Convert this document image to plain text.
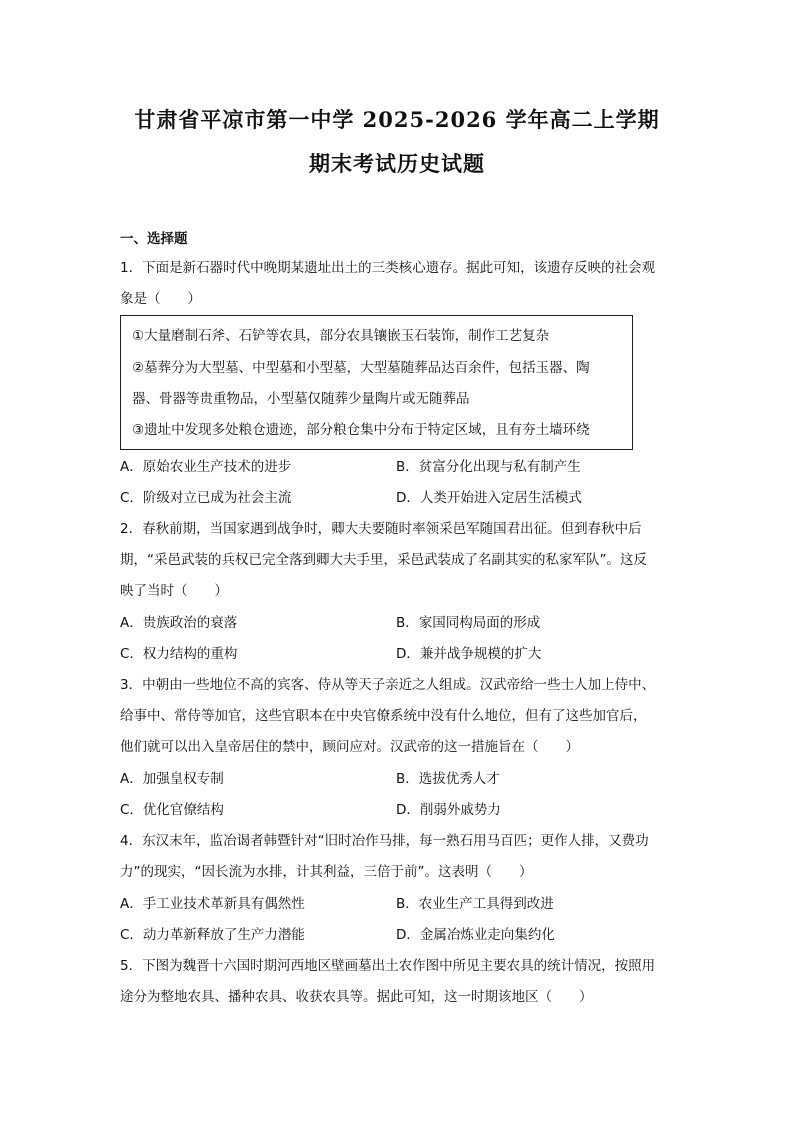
甘肃省平凉市第一中学 2025-2026 学年高二上学期
期末考试历史试题
一、选择题
1．下面是新石器时代中晚期某遗址出土的三类核心遗存。据此可知，该遗存反映的社会观
象是（　　）
①大量磨制石斧、石铲等农具，部分农具镶嵌玉石装饰，制作工艺复杂
②墓葬分为大型墓、中型墓和小型墓，大型墓随葬品达百余件，包括玉器、陶
器、骨器等贵重物品，小型墓仅随葬少量陶片或无随葬品
③遗址中发现多处粮仓遗迹，部分粮仓集中分布于特定区域，且有夯土墙环绕
A．原始农业生产技术的进步	B．贫富分化出现与私有制产生
C．阶级对立已成为社会主流	D．人类开始进入定居生活模式
2．春秋前期，当国家遇到战争时，卿大夫要随时率领采邑军随国君出征。但到春秋中后
期，“采邑武装的兵权已完全落到卿大夫手里，采邑武装成了名副其实的私家军队”。这反
映了当时（　　）
A．贵族政治的衰落	B．家国同构局面的形成
C．权力结构的重构	D．兼并战争规模的扩大
3．中朝由一些地位不高的宾客、侍从等天子亲近之人组成。汉武帝给一些士人加上侍中、
给事中、常侍等加官，这些官职本在中央官僚系统中没有什么地位，但有了这些加官后，
他们就可以出入皇帝居住的禁中，顾问应对。汉武帝的这一措施旨在（　　）
A．加强皇权专制	B．选拔优秀人才
C．优化官僚结构	D．削弱外戚势力
4．东汉末年，监冶谒者韩暨针对“旧时冶作马排，每一熟石用马百匹；更作人排，又费功
力”的现实，“因长流为水排，计其利益，三倍于前”。这表明（　　）
A．手工业技术革新具有偶然性	B．农业生产工具得到改进
C．动力革新释放了生产力潜能	D．金属冶炼业走向集约化
5．下图为魏晋十六国时期河西地区壁画墓出土农作图中所见主要农具的统计情况，按照用
途分为整地农具、播种农具、收获农具等。据此可知，这一时期该地区（　　）
